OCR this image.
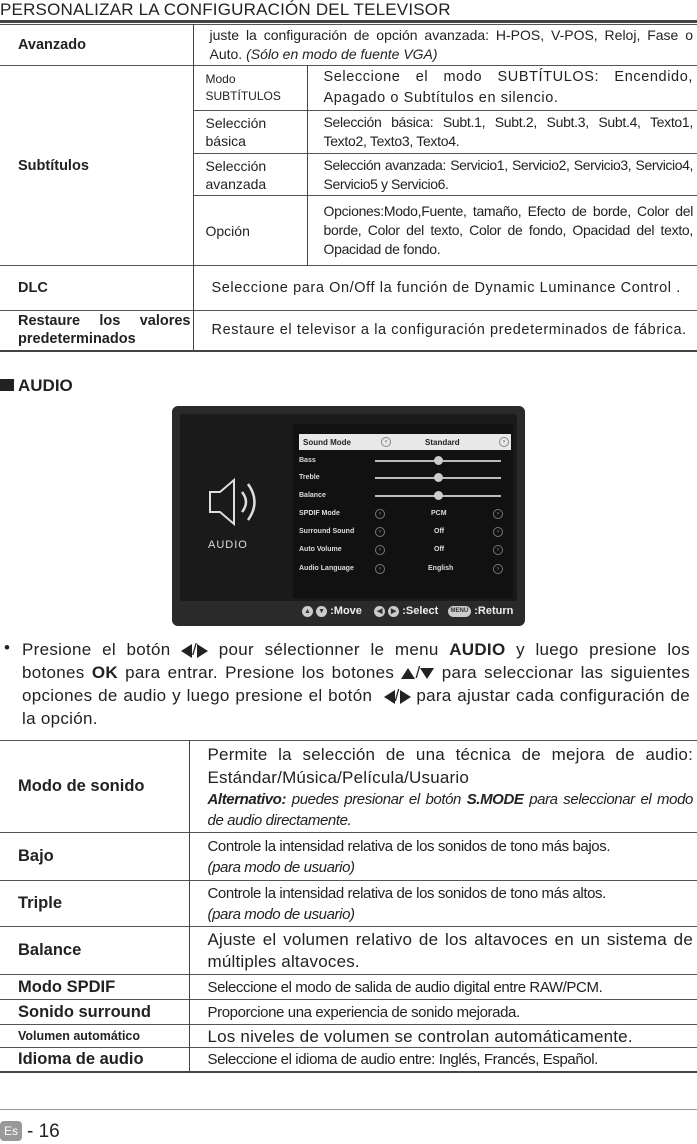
PERSONALIZAR LA CONFIGURACIÓN DEL TELEVISOR
Avanzado	juste la configuración de opción avanzada: H-POS, V-POS, Reloj, Fase o Auto. (Sólo en modo de fuente VGA)	
Subtítulos	Modo SUBTÍTULOS	Seleccione el modo SUBTÍTULOS: Encendido, Apagado o Subtítulos en silencio.
	Selección básica	Selección básica: Subt.1, Subt.2, Subt.3, Subt.4, Texto1, Texto2, Texto3, Texto4.
	Selección avanzada	Selección avanzada: Servicio1, Servicio2, Servicio3, Servicio4, Servicio5 y Servicio6.
	Opción	Opciones:Modo,Fuente, tamaño, Efecto de borde, Color del borde, Color del texto, Color de fondo, Opacidad del texto, Opacidad de fondo.
DLC	Seleccione para On/Off la función de Dynamic Luminance Control .	
Restaure los valores predeterminados	Restaure el televisor a la configuración predeterminados de fábrica.	
AUDIO
AUDIO
Sound Mode	‹	Standard	›
Bass
Treble
Balance
SPDIF Mode	‹	PCM	›
Surround Sound	‹	Off	›
Auto Volume	‹	Off	›
Audio Language	‹	English	›
▲ ▼ :Move ◀ ▶ :Select MENU :Return
• Presione el botón / pour sélectionner le menu AUDIO y luego presione los botones OK para entrar. Presione los botones / para seleccionar las siguientes opciones de audio y luego presione el botón / para ajustar cada configuración de la opción.
Modo de sonido	Permite la selección de una técnica de mejora de audio: Estándar/Música/Película/Usuario
Alternativo: puedes presionar el botón S.MODE para seleccionar el modo de audio directamente.
Bajo	Controle la intensidad relativa de los sonidos de tono más bajos.
(para modo de usuario)
Triple	Controle la intensidad relativa de los sonidos de tono más altos.
(para modo de usuario)
Balance	Ajuste el volumen relativo de los altavoces en un sistema de múltiples altavoces.
Modo SPDIF	Seleccione el modo de salida de audio digital entre RAW/PCM.
Sonido surround	Proporcione una experiencia de sonido mejorada.
Volumen automático	Los niveles de volumen se controlan automáticamente.
Idioma de audio	Seleccione el idioma de audio entre: Inglés, Francés, Español.
Es - 16
